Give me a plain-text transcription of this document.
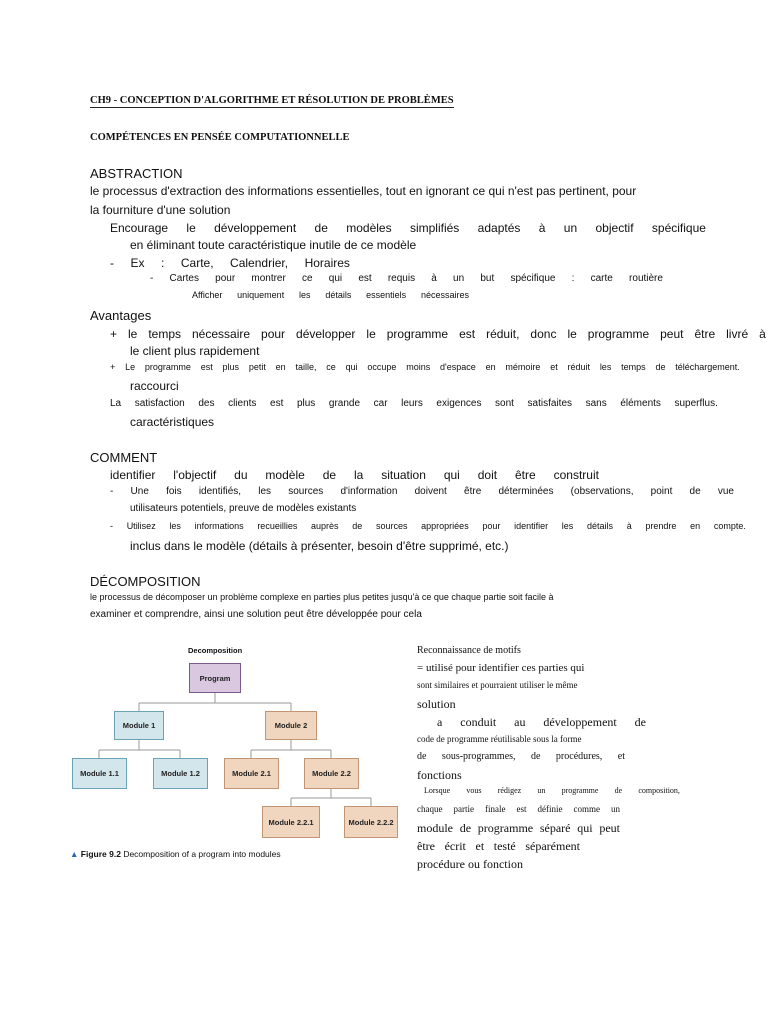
CH9 - CONCEPTION D'ALGORITHME ET RÉSOLUTION DE PROBLÈMES
COMPÉTENCES EN PENSÉE COMPUTATIONNELLE
ABSTRACTION
le processus d'extraction des informations essentielles, tout en ignorant ce qui n'est pas pertinent, pour
la fourniture d'une solution
Encourage le développement de modèles simplifiés adaptés à un objectif spécifique
en éliminant toute caractéristique inutile de ce modèle
- Ex : Carte, Calendrier, Horaires
- Cartes pour montrer ce qui est requis à un but spécifique : carte routière
Afficher uniquement les détails essentiels nécessaires
Avantages
+ le temps nécessaire pour développer le programme est réduit, donc le programme peut être livré à
le client plus rapidement
+ Le programme est plus petit en taille, ce qui occupe moins d'espace en mémoire et réduit les temps de téléchargement.
raccourci
La satisfaction des clients est plus grande car leurs exigences sont satisfaites sans éléments superflus.
caractéristiques
COMMENT
identifier l'objectif du modèle de la situation qui doit être construit
- Une fois identifiés, les sources d'information doivent être déterminées (observations, point de vue
utilisateurs potentiels, preuve de modèles existants
- Utilisez les informations recueillies auprès de sources appropriées pour identifier les détails à prendre en compte.
inclus dans le modèle (détails à présenter, besoin d'être supprimé, etc.)
DÉCOMPOSITION
le processus de décomposer un problème complexe en parties plus petites jusqu'à ce que chaque partie soit facile à
examiner et comprendre, ainsi une solution peut être développée pour cela
Decomposition
Program
Module 1	Module 2
Module 1.1	Module 1.2	Module 2.1	Module 2.2
Module 2.2.1	Module 2.2.2
▲ Figure 9.2 Decomposition of a program into modules
Reconnaissance de motifs
= utilisé pour identifier ces parties qui
sont similaires et pourraient utiliser le même
solution
a conduit au développement de
code de programme réutilisable sous la forme
de sous-programmes, de procédures, et
fonctions
Lorsque vous rédigez un programme de composition,
chaque partie finale est définie comme un
module de programme séparé qui peut
être écrit et testé séparément
procédure ou fonction
